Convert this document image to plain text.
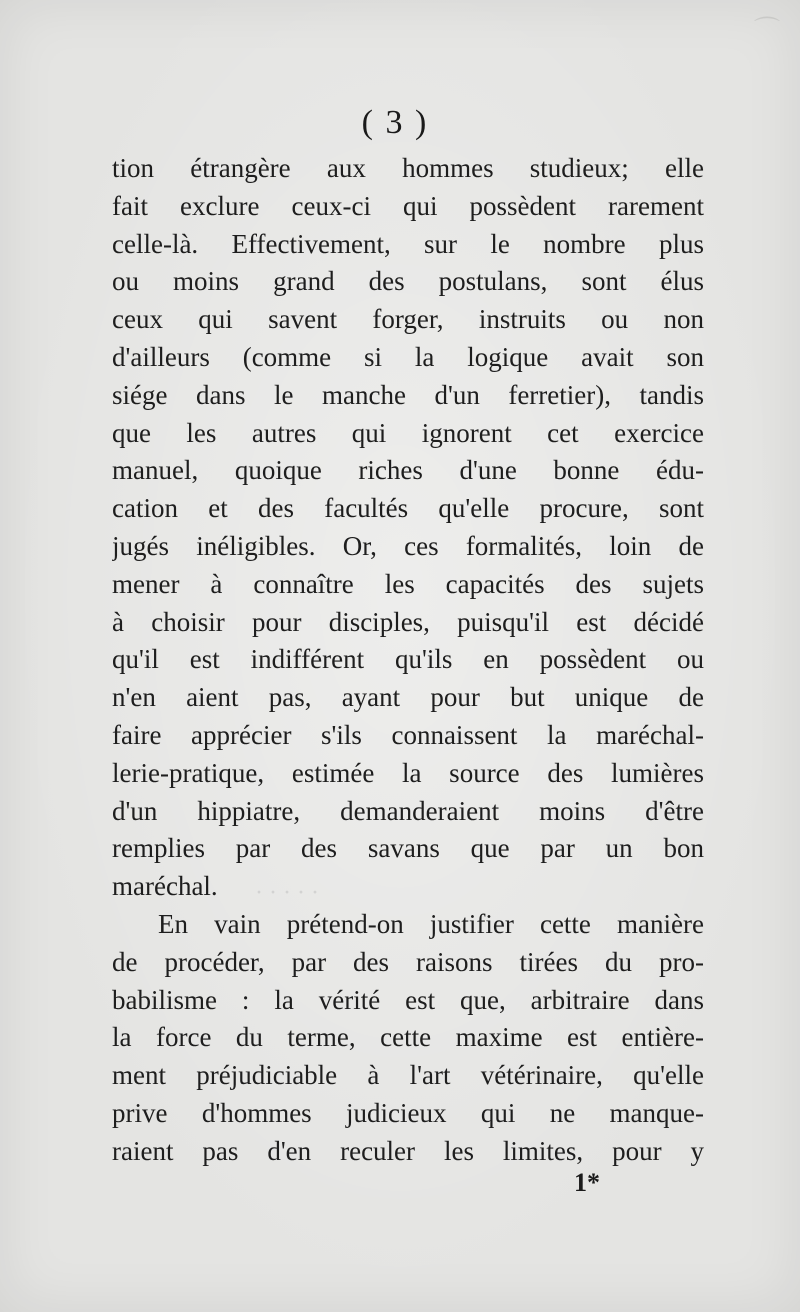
⌒
( 3 )
· · · · ·
tion étrangère aux hommes studieux; elle
fait exclure ceux-ci qui possèdent rarement
celle-là. Effectivement, sur le nombre plus
ou moins grand des postulans, sont élus
ceux qui savent forger, instruits ou non
d'ailleurs (comme si la logique avait son
siége dans le manche d'un ferretier), tandis
que les autres qui ignorent cet exercice
manuel, quoique riches d'une bonne édu-
cation et des facultés qu'elle procure, sont
jugés inéligibles. Or, ces formalités, loin de
mener à connaître les capacités des sujets
à choisir pour disciples, puisqu'il est décidé
qu'il est indifférent qu'ils en possèdent ou
n'en aient pas, ayant pour but unique de
faire apprécier s'ils connaissent la maréchal-
lerie-pratique, estimée la source des lumières
d'un hippiatre, demanderaient moins d'être
remplies par des savans que par un bon
maréchal.
En vain prétend-on justifier cette manière
de procéder, par des raisons tirées du pro-
babilisme : la vérité est que, arbitraire dans
la force du terme, cette maxime est entière-
ment préjudiciable à l'art vétérinaire, qu'elle
prive d'hommes judicieux qui ne manque-
raient pas d'en reculer les limites, pour y
1*
